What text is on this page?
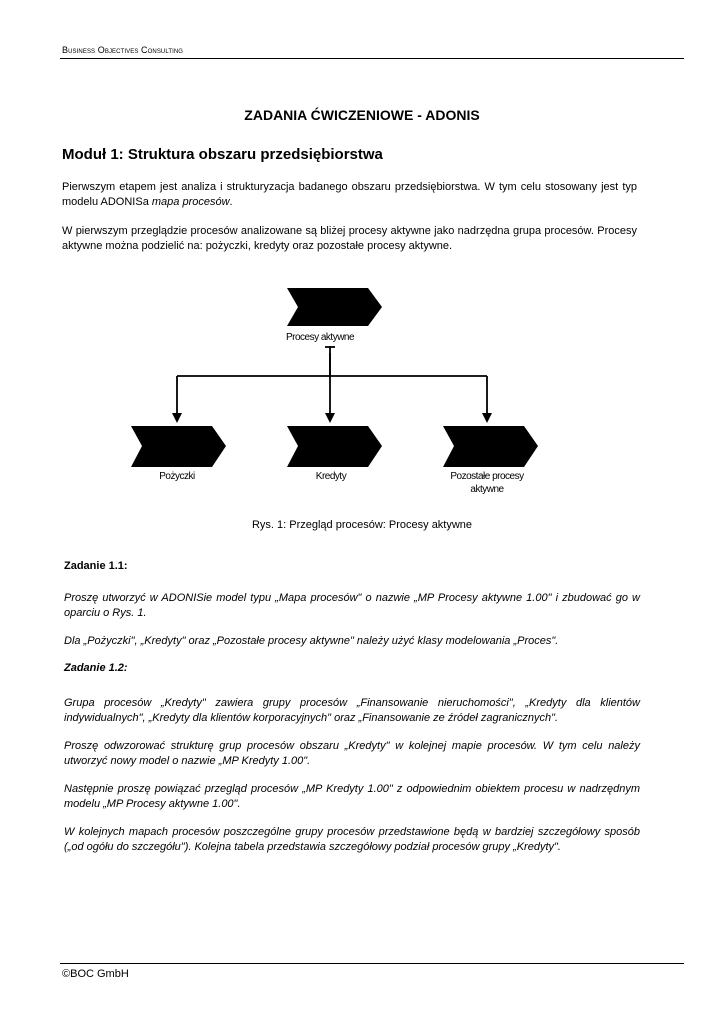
Business Objectives Consulting
ZADANIA ĆWICZENIOWE - ADONIS
Moduł 1: Struktura obszaru przedsiębiorstwa
Pierwszym etapem jest analiza i strukturyzacja badanego obszaru przedsiębiorstwa. W tym celu stosowany jest typ modelu ADONISa mapa procesów.
W pierwszym przeglądzie procesów analizowane są bliżej procesy aktywne jako nadrzędna grupa procesów. Procesy aktywne można podzielić na: pożyczki, kredyty oraz pozostałe procesy aktywne.
Procesy aktywne
Pożyczki	Kredyty	Pozostałe procesy
aktywne
Rys. 1: Przegląd procesów: Procesy aktywne
Zadanie 1.1:
Proszę utworzyć w ADONISie model typu „Mapa procesów" o nazwie „MP Procesy aktywne 1.00" i zbudować go w oparciu o Rys. 1.
Dla „Pożyczki", „Kredyty" oraz „Pozostałe procesy aktywne" należy użyć klasy modelowania „Proces".
Zadanie 1.2:
Grupa procesów „Kredyty" zawiera grupy procesów „Finansowanie nieruchomości", „Kredyty dla klientów indywidualnych", „Kredyty dla klientów korporacyjnych" oraz „Finansowanie ze źródeł zagranicznych".
Proszę odwzorować strukturę grup procesów obszaru „Kredyty" w kolejnej mapie procesów. W tym celu należy utworzyć nowy model o nazwie „MP Kredyty 1.00".
Następnie proszę powiązać przegląd procesów „MP Kredyty 1.00" z odpowiednim obiektem procesu w nadrzędnym modelu „MP Procesy aktywne 1.00".
W kolejnych mapach procesów poszczególne grupy procesów przedstawione będą w bardziej szczegółowy sposób („od ogółu do szczegółu"). Kolejna tabela przedstawia szczegółowy podział procesów grupy „Kredyty".
©BOC GmbH
